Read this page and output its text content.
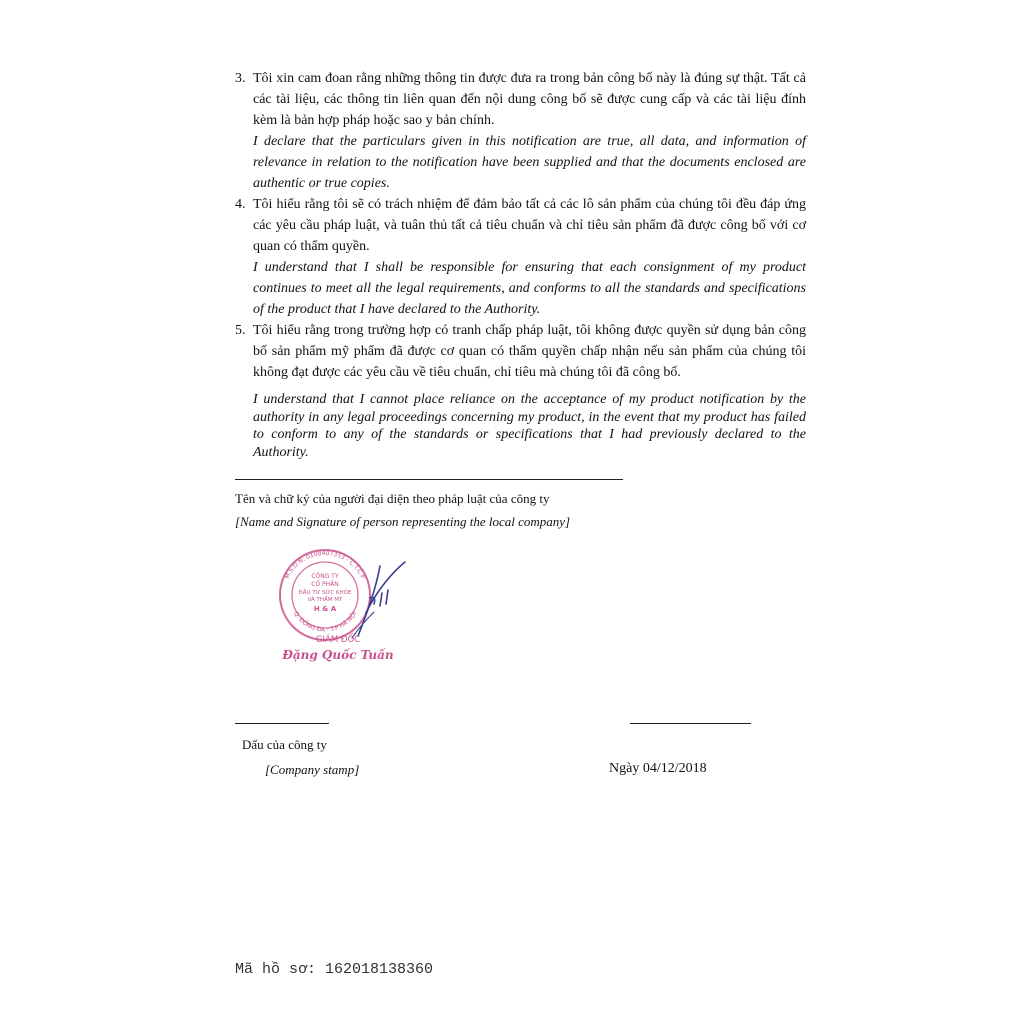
3. Tôi xin cam đoan rằng những thông tin được đưa ra trong bản công bố này là đúng sự thật. Tất cả các tài liệu, các thông tin liên quan đến nội dung công bố sẽ được cung cấp và các tài liệu đính kèm là bản hợp pháp hoặc sao y bản chính.
I declare that the particulars given in this notification are true, all data, and information of relevance in relation to the notification have been supplied and that the documents enclosed are authentic or true copies.
4. Tôi hiểu rằng tôi sẽ có trách nhiệm để đảm bảo tất cả các lô sản phẩm của chúng tôi đều đáp ứng các yêu cầu pháp luật, và tuân thủ tất cả tiêu chuẩn và chỉ tiêu sản phẩm đã được công bố với cơ quan có thẩm quyền.
I understand that I shall be responsible for ensuring that each consignment of my product continues to meet all the legal requirements, and conforms to all the standards and specifications of the product that I have declared to the Authority.
5. Tôi hiểu rằng trong trường hợp có tranh chấp pháp luật, tôi không được quyền sử dụng bản công bố sản phẩm mỹ phẩm đã được cơ quan có thẩm quyền chấp nhận nếu sản phẩm của chúng tôi không đạt được các yêu cầu về tiêu chuẩn, chỉ tiêu mà chúng tôi đã công bố.
I understand that I cannot place reliance on the acceptance of my product notification by the authority in any legal proceedings concerning my product, in the event that my product has failed to conform to any of the standards or specifications that I had previously declared to the Authority.
Tên và chữ ký của người đại diện theo pháp luật của công ty
[Name and Signature of person representing the local company]
M.S.D.N: 0108407353 - C.T.C.P
Q. ĐỐNG ĐA - T.P HÀ NỘI
CÔNG TY
CỔ PHẦN
ĐẦU TƯ SỨC KHỎE
VÀ THẨM MỸ
H & A
GIÁM ĐỐC
Đặng Quốc Tuấn
Dấu của công ty
[Company stamp]	Ngày 04/12/2018
Mã hồ sơ: 162018138360
